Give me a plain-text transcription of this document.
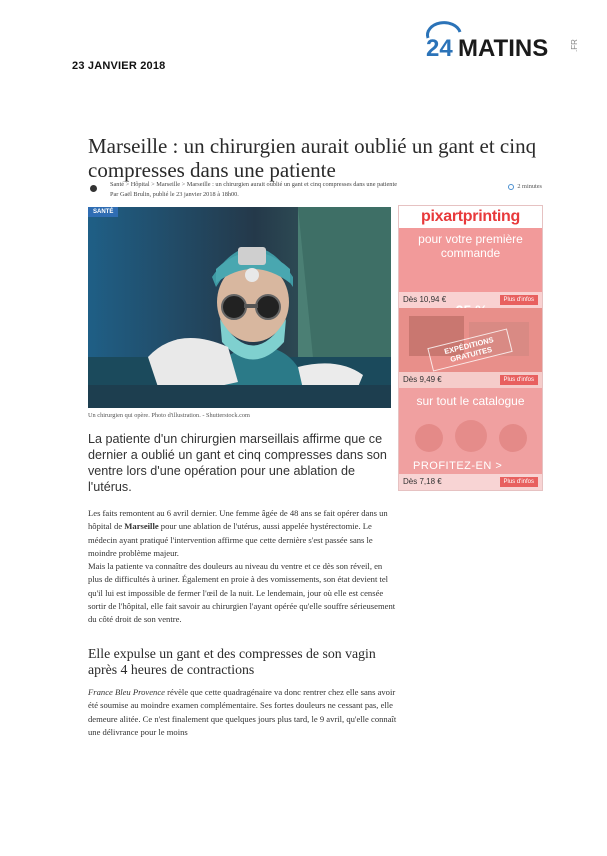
23 JANVIER 2018
24 MATINS	.FR
Marseille : un chirurgien aurait oublié un gant et cinq compresses dans une patiente
Santé > Hôpital > Marseille > Marseille : un chirurgien aurait oublié un gant et cinq compresses dans une patiente
Par Gaël Brulin, publié le 23 janvier 2018 à 18h00.
2 minutes
SANTÉ
Un chirurgien qui opère. Photo d'illustration. - Shutterstock.com

La patiente d'un chirurgien marseillais affirme que ce dernier a oublié un gant et cinq compresses dans son ventre lors d'une opération pour une ablation de l'utérus.

Les faits remontent au 6 avril dernier. Une femme âgée de 48 ans se fait opérer dans un hôpital de Marseille pour une ablation de l'utérus, aussi appelée hystérectomie. Le médecin ayant pratiqué l'intervention affirme que cette dernière s'est passée sans le moindre problème majeur.

Mais la patiente va connaître des douleurs au niveau du ventre et ce dès son réveil, en plus de difficultés à uriner. Également en proie à des vomissements, son état devient tel qu'il lui est impossible de fermer l'œil de la nuit. Le lendemain, jour où elle est censée sortir de l'hôpital, elle fait savoir au chirurgien l'ayant opérée qu'elle souffre sérieusement du côté droit de son ventre.

Elle expulse un gant et des compresses de son vagin après 4 heures de contractions

France Bleu Provence révèle que cette quadragénaire va donc rentrer chez elle sans avoir été soumise au moindre examen complémentaire. Ses fortes douleurs ne cessant pas, elle demeure alitée. Ce n'est finalement que quelques jours plus tard, le 9 avril, qu'elle connaît une délivrance pour le moins

pixartprinting
pour votre première commande
Dès 10,94 €	Plus d'infos
Dès 9,49 €	Plus d'infos
EXPÉDITIONS GRATUITES
sur tout le catalogue
Dès 7,18 €	Plus d'infos
PROFITEZ-EN >
